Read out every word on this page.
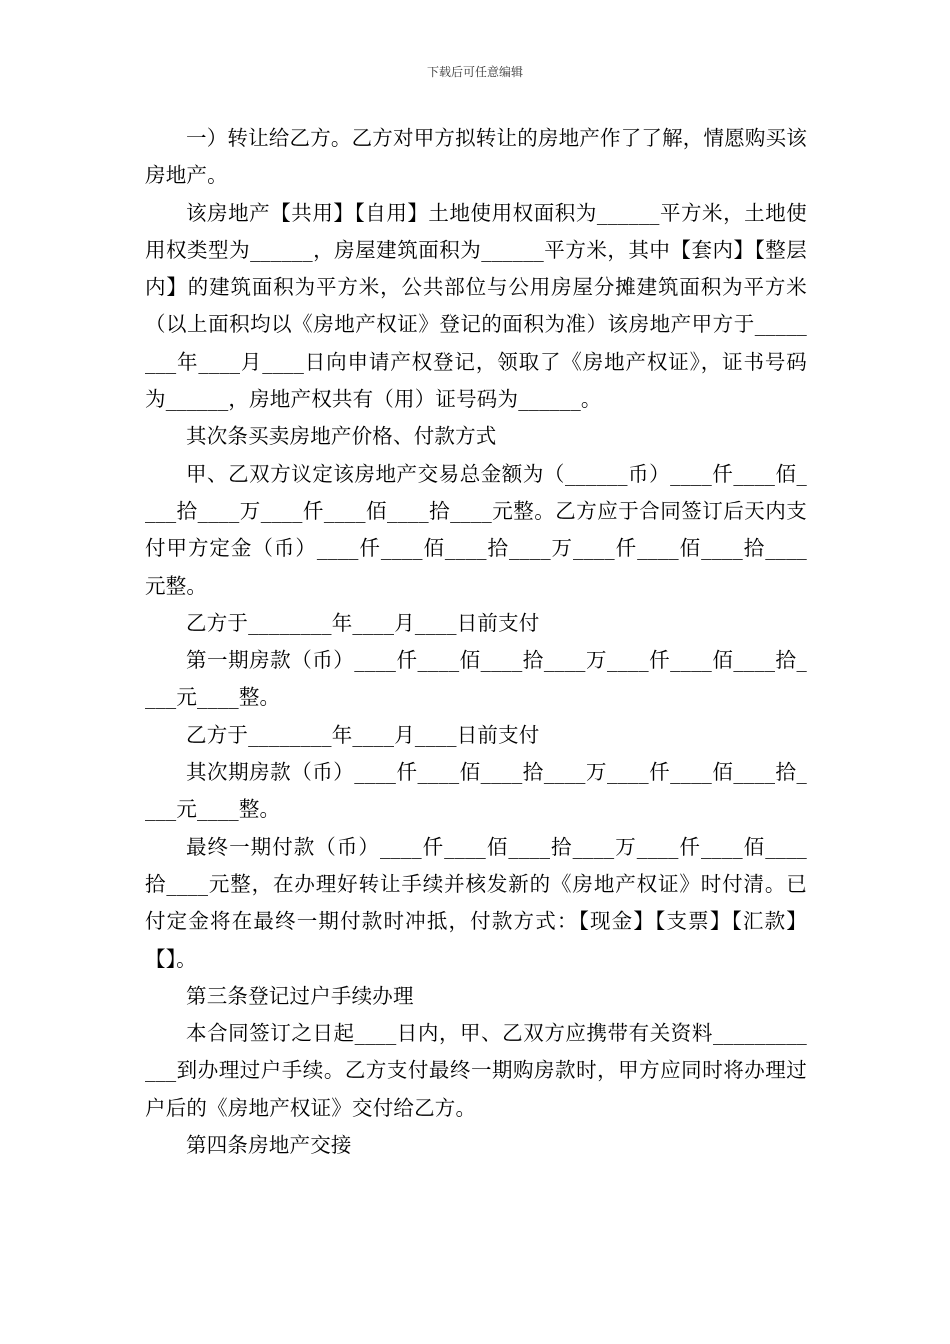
下载后可任意编辑

一）转让给乙方。乙方对甲方拟转让的房地产作了了解，情愿购买该房地产。

该房地产【共用】【自用】土地使用权面积为______平方米，土地使用权类型为______，房屋建筑面积为______平方米，其中【套内】【整层内】的建筑面积为平方米，公共部位与公用房屋分摊建筑面积为平方米（以上面积均以《房地产权证》登记的面积为准）该房地产甲方于________年____月____日向申请产权登记，领取了《房地产权证》，证书号码为______，房地产权共有（用）证号码为______。

其次条买卖房地产价格、付款方式

甲、乙双方议定该房地产交易总金额为（______币）____仟____佰____拾____万____仟____佰____拾____元整。乙方应于合同签订后天内支付甲方定金（币）____仟____佰____拾____万____仟____佰____拾____元整。

乙方于________年____月____日前支付

第一期房款（币）____仟____佰____拾____万____仟____佰____拾____元____整。

乙方于________年____月____日前支付

其次期房款（币）____仟____佰____拾____万____仟____佰____拾____元____整。

最终一期付款（币）____仟____佰____拾____万____仟____佰____拾____元整，在办理好转让手续并核发新的《房地产权证》时付清。已付定金将在最终一期付款时冲抵，付款方式：【现金】【支票】【汇款】【】。

第三条登记过户手续办理

本合同签订之日起____日内，甲、乙双方应携带有关资料____________到办理过户手续。乙方支付最终一期购房款时，甲方应同时将办理过户后的《房地产权证》交付给乙方。

第四条房地产交接
